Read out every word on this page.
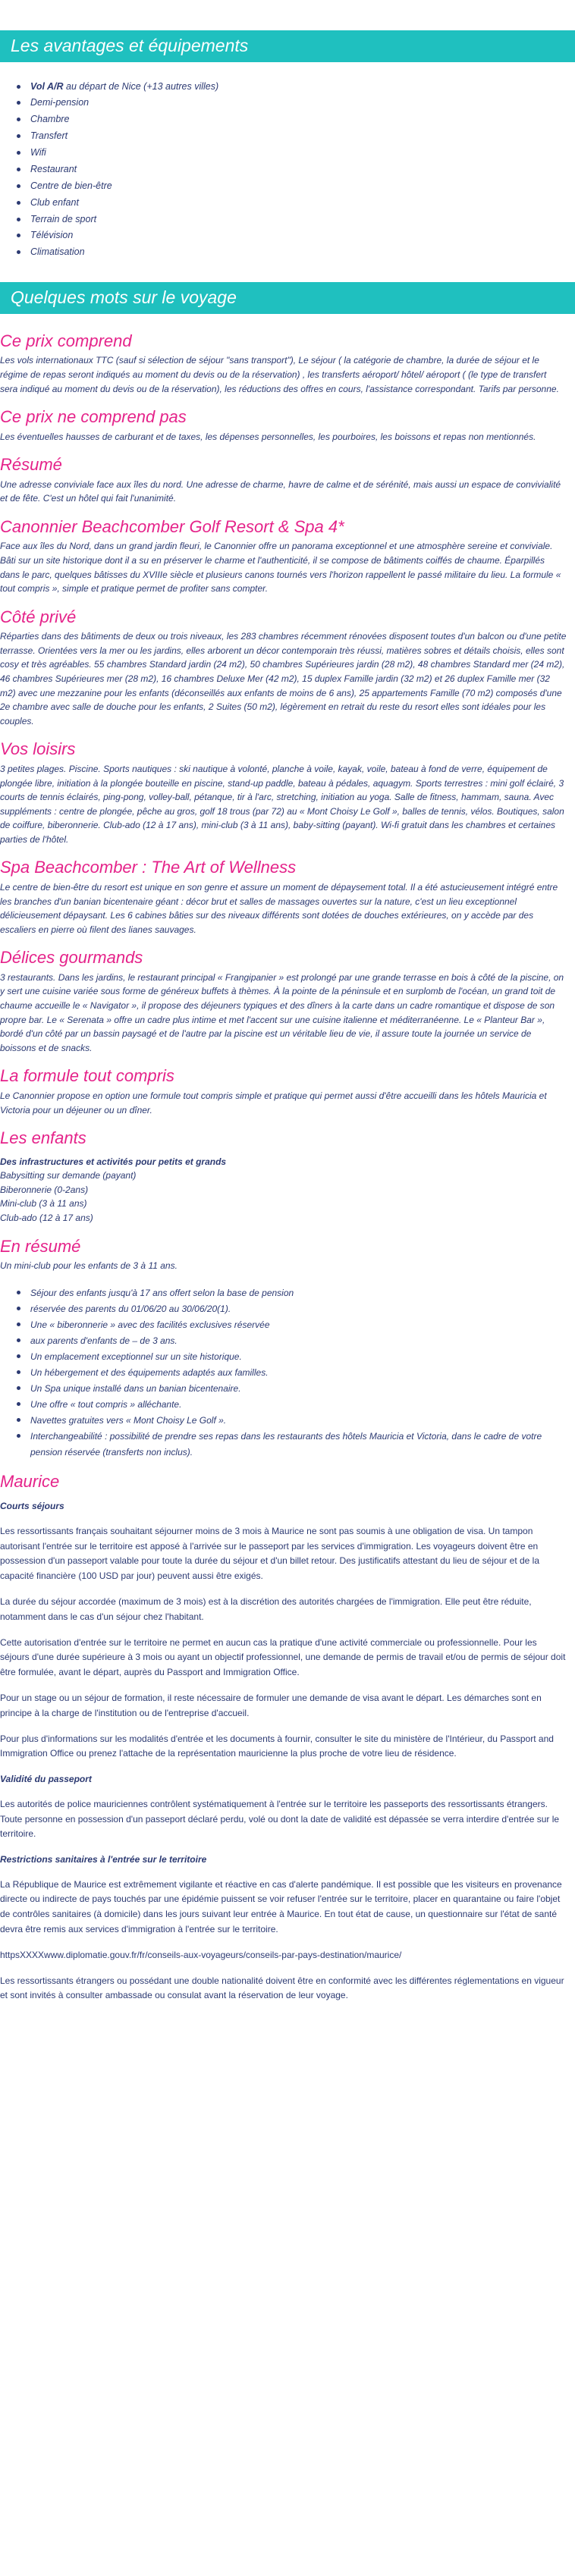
Les avantages et équipements
Vol A/R au départ de Nice (+13 autres villes)
Demi-pension
Chambre
Transfert
Wifi
Restaurant
Centre de bien-être
Club enfant
Terrain de sport
Télévision
Climatisation
Quelques mots sur le voyage
Ce prix comprend

Les vols internationaux TTC (sauf si sélection de séjour "sans transport"), Le séjour ( la catégorie de chambre, la durée de séjour et le régime de repas seront indiqués au moment du devis ou de la réservation) , les transferts aéroport/ hôtel/ aéroport ( (le type de transfert sera indiqué au moment du devis ou de la réservation), les réductions des offres en cours, l'assistance correspondant. Tarifs par personne.

Ce prix ne comprend pas

Les éventuelles hausses de carburant et de taxes, les dépenses personnelles, les pourboires, les boissons et repas non mentionnés.

Résumé

Une adresse conviviale face aux îles du nord. Une adresse de charme, havre de calme et de sérénité, mais aussi un espace de convivialité et de fête. C'est un hôtel qui fait l'unanimité.

Canonnier Beachcomber Golf Resort & Spa 4*

Face aux îles du Nord, dans un grand jardin fleuri, le Canonnier offre un panorama exceptionnel et une atmosphère sereine et conviviale. Bâti sur un site historique dont il a su en préserver le charme et l'authenticité, il se compose de bâtiments coiffés de chaume. Éparpillés dans le parc, quelques bâtisses du XVIIIe siècle et plusieurs canons tournés vers l'horizon rappellent le passé militaire du lieu. La formule « tout compris », simple et pratique permet de profiter sans compter.

Côté privé

Réparties dans des bâtiments de deux ou trois niveaux, les 283 chambres récemment rénovées disposent toutes d'un balcon ou d'une petite terrasse. Orientées vers la mer ou les jardins, elles arborent un décor contemporain très réussi, matières sobres et détails choisis, elles sont cosy et très agréables. 55 chambres Standard jardin (24 m2), 50 chambres Supérieures jardin (28 m2), 48 chambres Standard mer (24 m2), 46 chambres Supérieures mer (28 m2), 16 chambres Deluxe Mer (42 m2), 15 duplex Famille jardin (32 m2) et 26 duplex Famille mer (32 m2) avec une mezzanine pour les enfants (déconseillés aux enfants de moins de 6 ans), 25 appartements Famille (70 m2) composés d'une 2e chambre avec salle de douche pour les enfants, 2 Suites (50 m2), légèrement en retrait du reste du resort elles sont idéales pour les couples.

Vos loisirs

3 petites plages. Piscine. Sports nautiques : ski nautique à volonté, planche à voile, kayak, voile, bateau à fond de verre, équipement de plongée libre, initiation à la plongée bouteille en piscine, stand-up paddle, bateau à pédales, aquagym. Sports terrestres : mini golf éclairé, 3 courts de tennis éclairés, ping-pong, volley-ball, pétanque, tir à l'arc, stretching, initiation au yoga. Salle de fitness, hammam, sauna. Avec suppléments : centre de plongée, pêche au gros, golf 18 trous (par 72) au « Mont Choisy Le Golf », balles de tennis, vélos. Boutiques, salon de coiffure, biberonnerie. Club-ado (12 à 17 ans), mini-club (3 à 11 ans), baby-sitting (payant). Wi-fi gratuit dans les chambres et certaines

parties de l'hôtel.

Spa Beachcomber : The Art of Wellness

Le centre de bien-être du resort est unique en son genre et assure un moment de dépaysement total. Il a été astucieusement intégré entre les branches d'un banian bicentenaire géant : décor brut et salles de massages ouvertes sur la nature, c'est un lieu exceptionnel délicieusement dépaysant. Les 6 cabines bâties sur des niveaux différents sont dotées de douches extérieures, on y accède par des escaliers en pierre où filent des lianes sauvages.

Délices gourmands

3 restaurants. Dans les jardins, le restaurant principal « Frangipanier » est prolongé par une grande terrasse en bois à côté de la piscine, on y sert une cuisine variée sous forme de généreux buffets à thèmes. À la pointe de la péninsule et en surplomb de l'océan, un grand toit de chaume accueille le « Navigator », il propose des déjeuners typiques et des dîners à la carte dans un cadre romantique et dispose de son propre bar. Le « Serenata » offre un cadre plus intime et met l'accent sur une cuisine italienne et méditerranéenne. Le « Planteur Bar », bordé d'un côté par un bassin paysagé et de l'autre par la piscine est un véritable lieu de vie, il assure toute la journée un service de boissons et de snacks.

La formule tout compris

Le Canonnier propose en option une formule tout compris simple et pratique qui permet aussi d'être accueilli dans les hôtels Mauricia et Victoria pour un déjeuner ou un dîner.

Les enfants

Des infrastructures et activités pour petits et grands

Babysitting sur demande (payant)

Biberonnerie (0-2ans)

Mini-club (3 à 11 ans)

Club-ado (12 à 17 ans)

En résumé

Un mini-club pour les enfants de 3 à 11 ans.

Séjour des enfants jusqu'à 17 ans offert selon la base de pension
réservée des parents du 01/06/20 au 30/06/20(1).
Une « biberonnerie » avec des facilités exclusives réservée
aux parents d'enfants de – de 3 ans.
Un emplacement exceptionnel sur un site historique.
Un hébergement et des équipements adaptés aux familles.
Un Spa unique installé dans un banian bicentenaire.
Une offre « tout compris » alléchante.
Navettes gratuites vers « Mont Choisy Le Golf ».
Interchangeabilité : possibilité de prendre ses repas dans les restaurants des hôtels Mauricia et Victoria, dans le cadre de votre pension réservée (transferts non inclus).
Maurice

Courts séjours

Les ressortissants français souhaitant séjourner moins de 3 mois à Maurice ne sont pas soumis à une obligation de visa. Un tampon autorisant l'entrée sur le territoire est apposé à l'arrivée sur le passeport par les services d'immigration. Les voyageurs doivent être en possession d'un passeport valable pour toute la durée du séjour et d'un billet retour. Des justificatifs attestant du lieu de séjour et de la capacité financière (100 USD par jour) peuvent aussi être exigés.

La durée du séjour accordée (maximum de 3 mois) est à la discrétion des autorités chargées de l'immigration. Elle peut être réduite, notamment dans le cas d'un séjour chez l'habitant.

Cette autorisation d'entrée sur le territoire ne permet en aucun cas la pratique d'une activité commerciale ou professionnelle. Pour les séjours d'une durée supérieure à 3 mois ou ayant un objectif professionnel, une demande de permis de travail et/ou de permis de séjour doit être formulée, avant le départ, auprès du Passport and Immigration Office.

Pour un stage ou un séjour de formation, il reste nécessaire de formuler une demande de visa avant le départ. Les démarches sont en principe à la charge de l'institution ou de l'entreprise d'accueil.

Pour plus d'informations sur les modalités d'entrée et les documents à fournir, consulter le site du ministère de l'Intérieur, du Passport and Immigration Office ou prenez l'attache de la représentation mauricienne la plus proche de votre lieu de résidence.

Validité du passeport

Les autorités de police mauriciennes contrôlent systématiquement à l'entrée sur le territoire les passeports des ressortissants étrangers. Toute personne en possession d'un passeport déclaré perdu, volé ou dont la date de validité est dépassée se verra interdire d'entrée sur le territoire.

Restrictions sanitaires à l'entrée sur le territoire

La République de Maurice est extrêmement vigilante et réactive en cas d'alerte pandémique. Il est possible que les visiteurs en provenance directe ou indirecte de pays touchés par une épidémie puissent se voir refuser l'entrée sur le territoire, placer en quarantaine ou faire l'objet de contrôles sanitaires (à domicile) dans les jours suivant leur entrée à Maurice. En tout état de cause, un questionnaire sur l'état de santé devra être remis aux services d'immigration à l'entrée sur le territoire.

httpsXXXXwww.diplomatie.gouv.fr/fr/conseils-aux-voyageurs/conseils-par-pays-destination/maurice/

Les ressortissants étrangers ou possédant une double nationalité doivent être en conformité avec les différentes réglementations en vigueur et sont invités à consulter ambassade ou consulat avant la réservation de leur voyage.
